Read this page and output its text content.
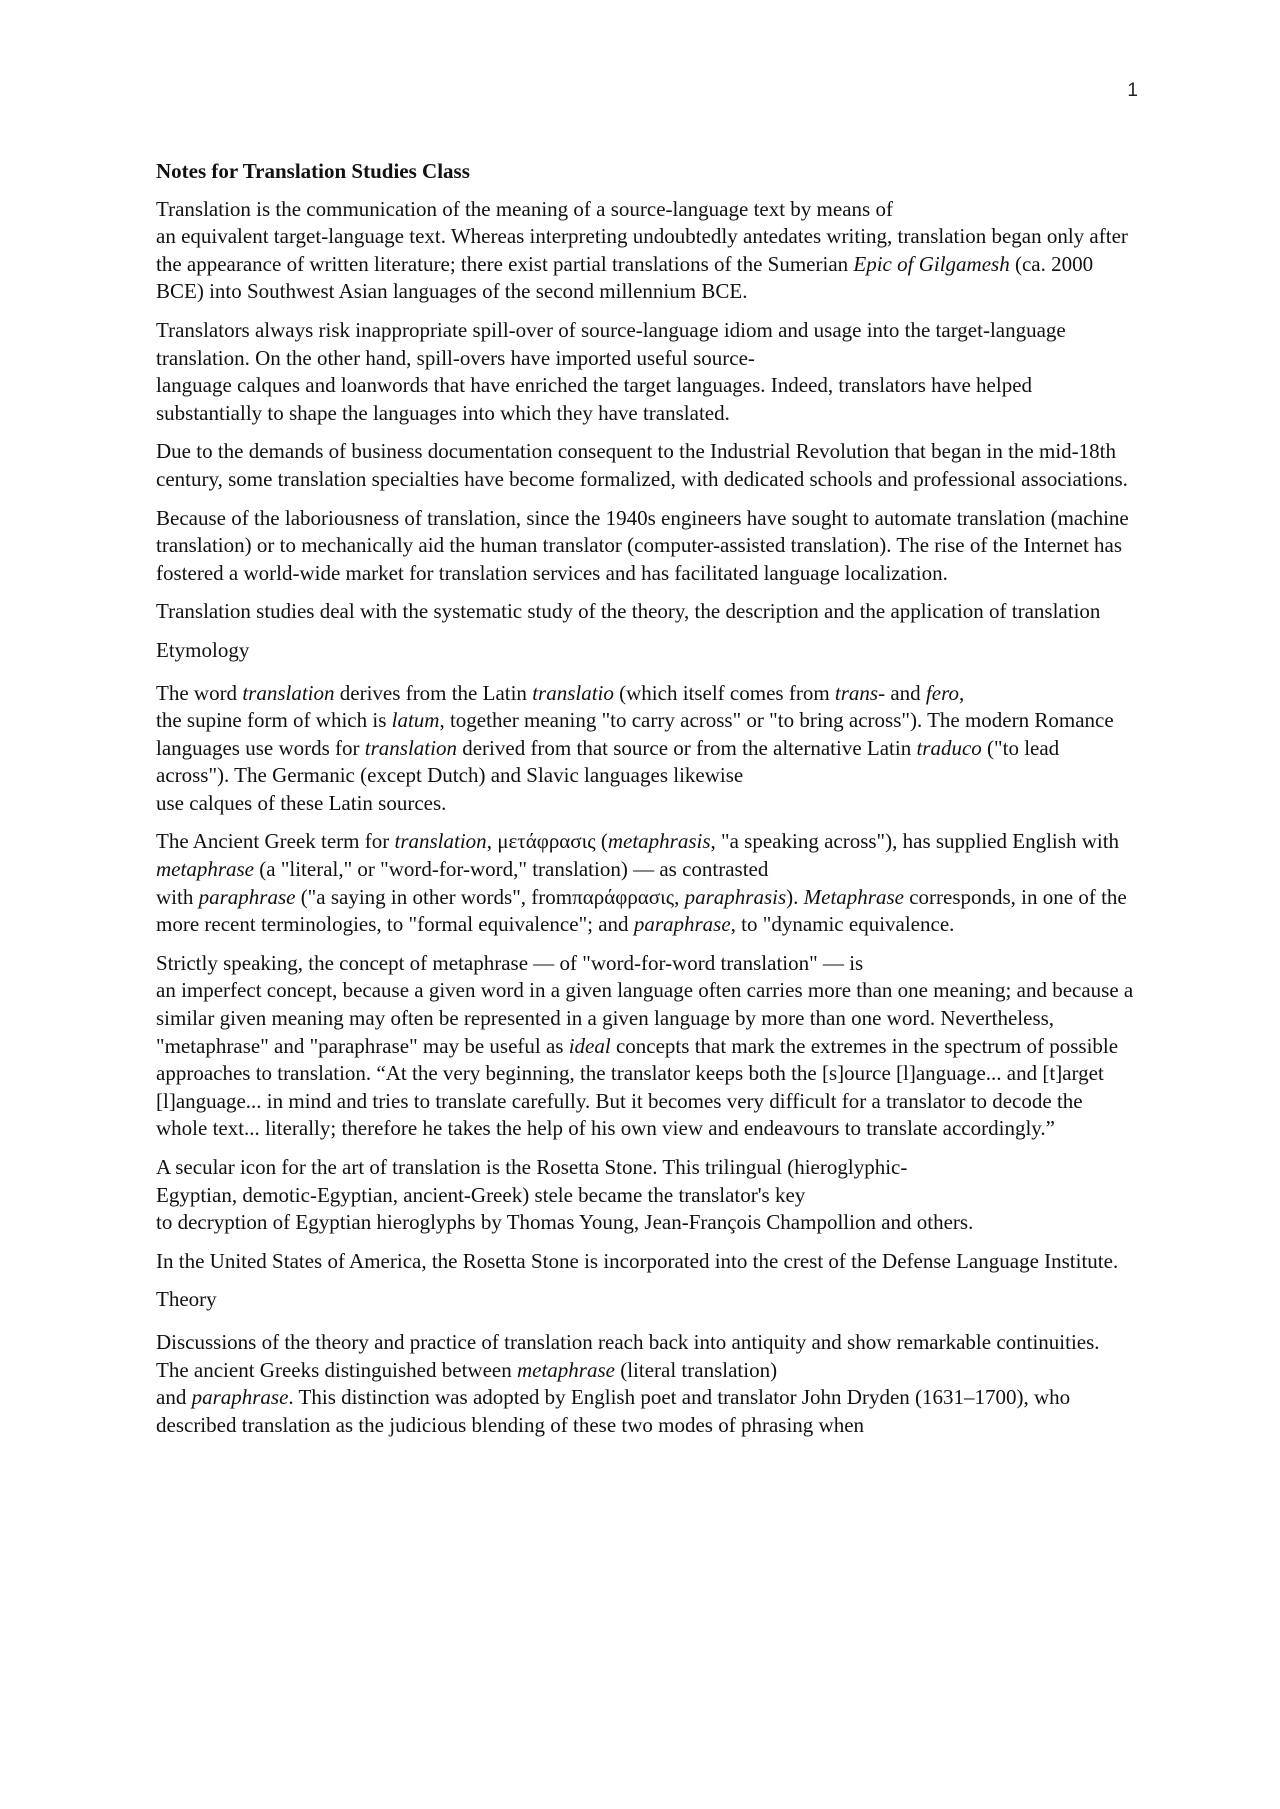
1
Notes for Translation Studies Class

Translation is the communication of the meaning of a source-language text by means of
an equivalent target-language text. Whereas interpreting undoubtedly antedates writing, translation began only after the appearance of written literature; there exist partial translations of the Sumerian Epic of Gilgamesh (ca. 2000 BCE) into Southwest Asian languages of the second millennium BCE.

Translators always risk inappropriate spill-over of source-language idiom and usage into the target-language translation. On the other hand, spill-overs have imported useful source-
language calques and loanwords that have enriched the target languages. Indeed, translators have helped substantially to shape the languages into which they have translated.

Due to the demands of business documentation consequent to the Industrial Revolution that began in the mid-18th century, some translation specialties have become formalized, with dedicated schools and professional associations.

Because of the laboriousness of translation, since the 1940s engineers have sought to automate translation (machine translation) or to mechanically aid the human translator (computer-assisted translation). The rise of the Internet has fostered a world-wide market for translation services and has facilitated language localization.

Translation studies deal with the systematic study of the theory, the description and the application of translation

Etymology

The word translation derives from the Latin translatio (which itself comes from trans- and fero,
the supine form of which is latum, together meaning "to carry across" or "to bring across"). The modern Romance languages use words for translation derived from that source or from the alternative Latin traduco ("to lead across"). The Germanic (except Dutch) and Slavic languages likewise
use calques of these Latin sources.

The Ancient Greek term for translation, μετάφρασις (metaphrasis, "a speaking across"), has supplied English with metaphrase (a "literal," or "word-for-word," translation) — as contrasted
with paraphrase ("a saying in other words", fromπαράφρασις, paraphrasis). Metaphrase corresponds, in one of the more recent terminologies, to "formal equivalence"; and paraphrase, to "dynamic equivalence.

Strictly speaking, the concept of metaphrase — of "word-for-word translation" — is
an imperfect concept, because a given word in a given language often carries more than one meaning; and because a similar given meaning may often be represented in a given language by more than one word. Nevertheless, "metaphrase" and "paraphrase" may be useful as ideal concepts that mark the extremes in the spectrum of possible approaches to translation. “At the very beginning, the translator keeps both the [s]ource [l]anguage... and [t]arget [l]anguage... in mind and tries to translate carefully. But it becomes very difficult for a translator to decode the whole text... literally; therefore he takes the help of his own view and endeavours to translate accordingly.”

A secular icon for the art of translation is the Rosetta Stone. This trilingual (hieroglyphic-
Egyptian, demotic-Egyptian, ancient-Greek) stele became the translator's key
to decryption of Egyptian hieroglyphs by Thomas Young, Jean-François Champollion and others.

In the United States of America, the Rosetta Stone is incorporated into the crest of the Defense Language Institute.

Theory

Discussions of the theory and practice of translation reach back into antiquity and show remarkable continuities. The ancient Greeks distinguished between metaphrase (literal translation)
and paraphrase. This distinction was adopted by English poet and translator John Dryden (1631–1700), who described translation as the judicious blending of these two modes of phrasing when
